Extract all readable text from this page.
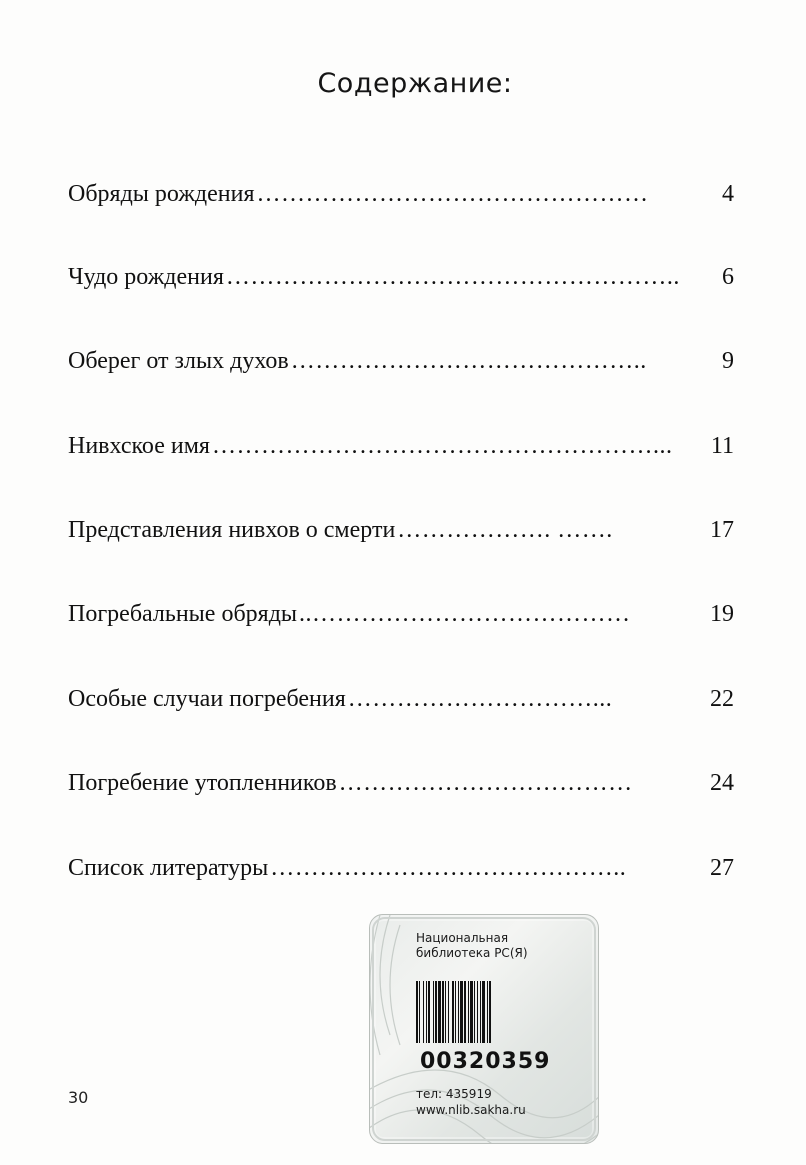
Содержание:
Обряды рождения …………………………………………	4
Чудо рождения ………………………………………………..	6
Оберег от злых духов ……………………………………..	9
Нивхское имя ………………………………………………...	11
Представления нивхов о смерти ………………. …….	17
Погребальные обряды ..…………………………………	19
Особые случаи погребения …………………………...	22
Погребение утопленников ………………………………	24
Список литературы ……………………………………..	27
30
Национальная
библиотека РС(Я)
00320359
тел: 435919
www.nlib.sakha.ru
